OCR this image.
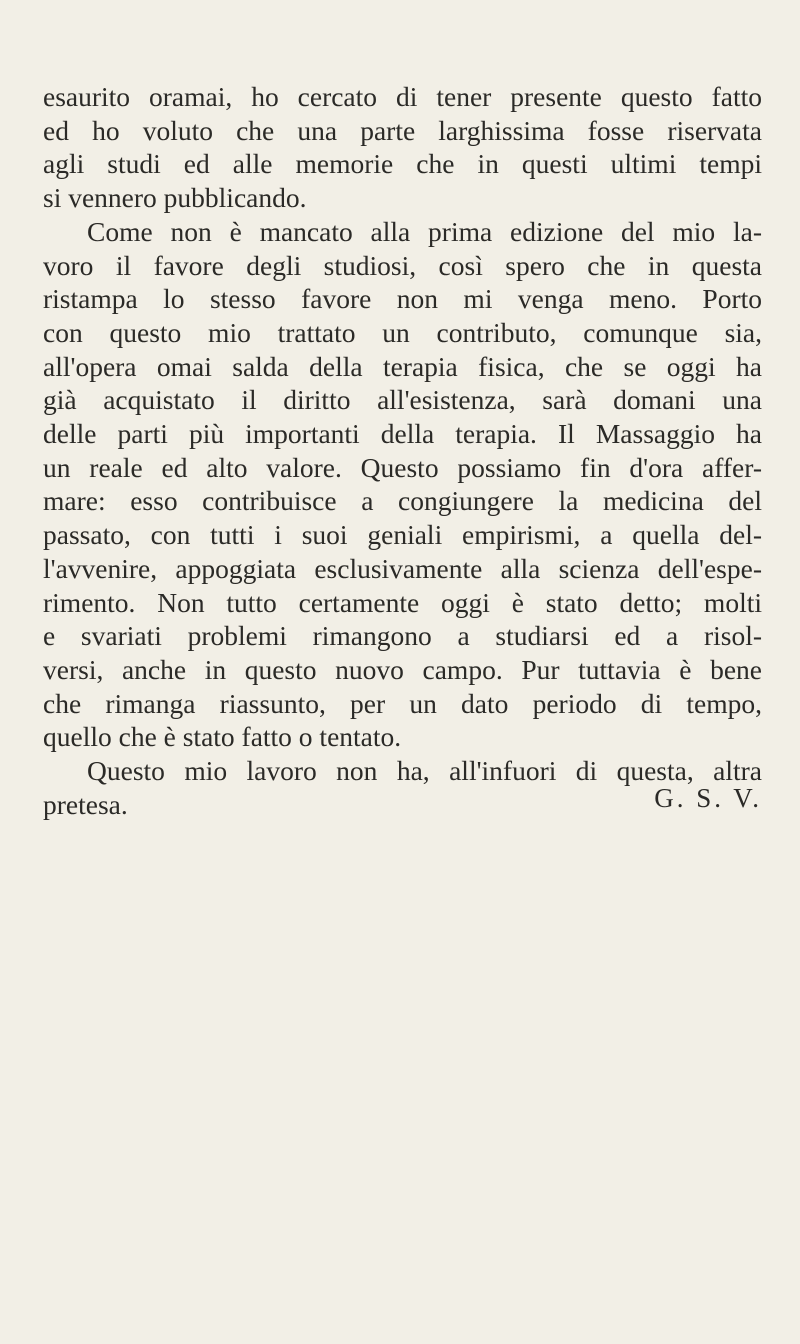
esaurito oramai, ho cercato di tener presente questo fatto
ed ho voluto che una parte larghissima fosse riservata
agli studi ed alle memorie che in questi ultimi tempi
si vennero pubblicando.
Come non è mancato alla prima edizione del mio la-
voro il favore degli studiosi, così spero che in questa
ristampa lo stesso favore non mi venga meno. Porto
con questo mio trattato un contributo, comunque sia,
all'opera omai salda della terapia fisica, che se oggi ha
già acquistato il diritto all'esistenza, sarà domani una
delle parti più importanti della terapia. Il Massaggio ha
un reale ed alto valore. Questo possiamo fin d'ora affer-
mare: esso contribuisce a congiungere la medicina del
passato, con tutti i suoi geniali empirismi, a quella del-
l'avvenire, appoggiata esclusivamente alla scienza dell'espe-
rimento. Non tutto certamente oggi è stato detto; molti
e svariati problemi rimangono a studiarsi ed a risol-
versi, anche in questo nuovo campo. Pur tuttavia è bene
che rimanga riassunto, per un dato periodo di tempo,
quello che è stato fatto o tentato.
Questo mio lavoro non ha, all'infuori di questa, altra
pretesa.	G. S. V.
